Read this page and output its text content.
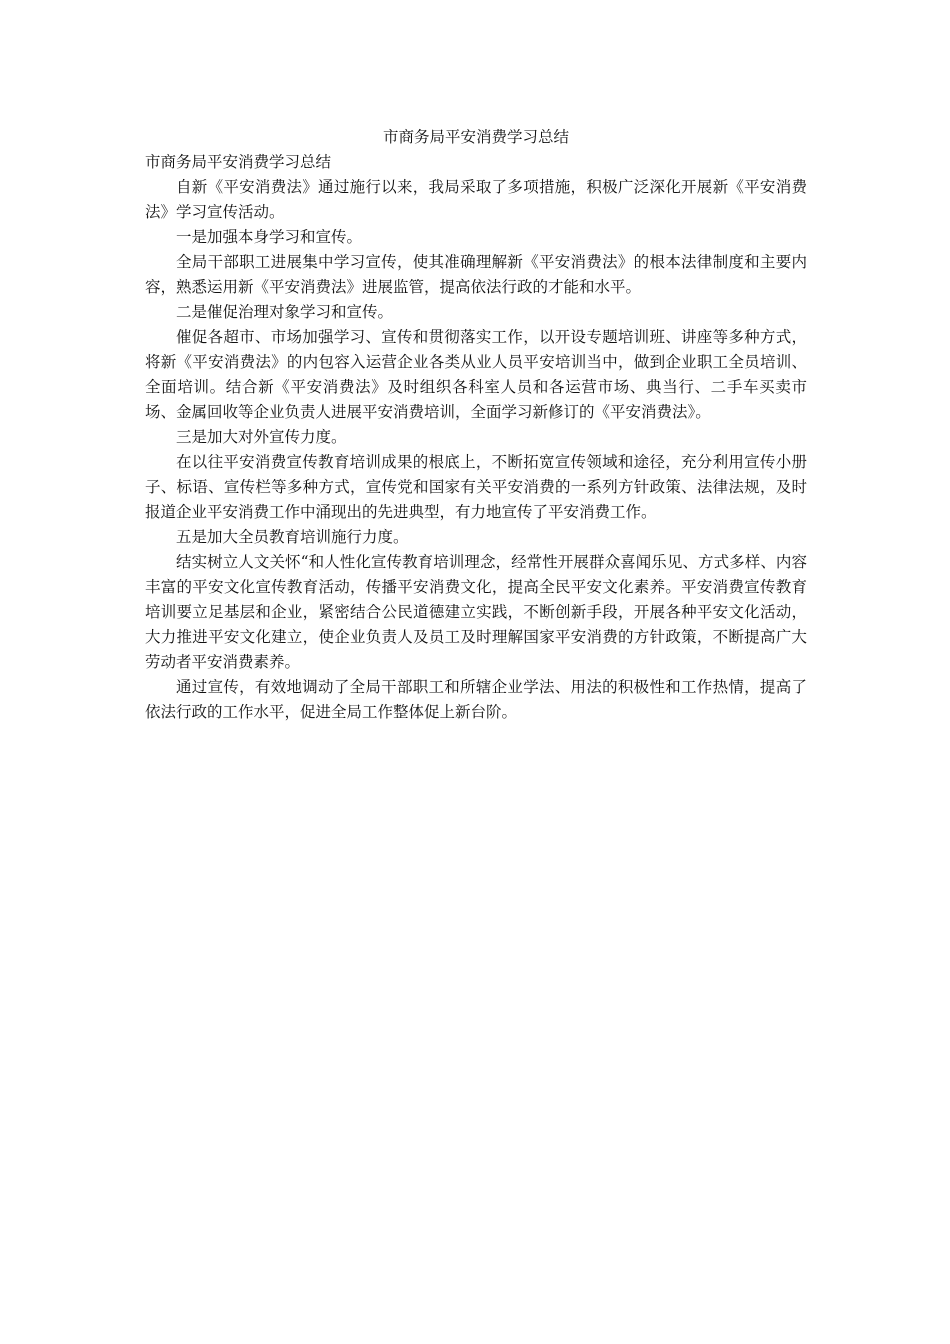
市商务局平安消费学习总结

市商务局平安消费学习总结

自新《平安消费法》通过施行以来，我局采取了多项措施，积极广泛深化开展新《平安消费法》学习宣传活动。

一是加强本身学习和宣传。

全局干部职工进展集中学习宣传，使其准确理解新《平安消费法》的根本法律制度和主要内容，熟悉运用新《平安消费法》进展监管，提高依法行政的才能和水平。

二是催促治理对象学习和宣传。

催促各超市、市场加强学习、宣传和贯彻落实工作，以开设专题培训班、讲座等多种方式，将新《平安消费法》的内包容入运营企业各类从业人员平安培训当中，做到企业职工全员培训、全面培训。结合新《平安消费法》及时组织各科室人员和各运营市场、典当行、二手车买卖市场、金属回收等企业负责人进展平安消费培训，全面学习新修订的《平安消费法》。

三是加大对外宣传力度。

在以往平安消费宣传教育培训成果的根底上，不断拓宽宣传领域和途径，充分利用宣传小册子、标语、宣传栏等多种方式，宣传党和国家有关平安消费的一系列方针政策、法律法规，及时报道企业平安消费工作中涌现出的先进典型，有力地宣传了平安消费工作。

五是加大全员教育培训施行力度。

结实树立人文关怀“和人性化宣传教育培训理念，经常性开展群众喜闻乐见、方式多样、内容丰富的平安文化宣传教育活动，传播平安消费文化，提高全民平安文化素养。平安消费宣传教育培训要立足基层和企业，紧密结合公民道德建立实践，不断创新手段，开展各种平安文化活动，大力推进平安文化建立，使企业负责人及员工及时理解国家平安消费的方针政策，不断提高广大劳动者平安消费素养。

通过宣传，有效地调动了全局干部职工和所辖企业学法、用法的积极性和工作热情，提高了依法行政的工作水平，促进全局工作整体促上新台阶。
